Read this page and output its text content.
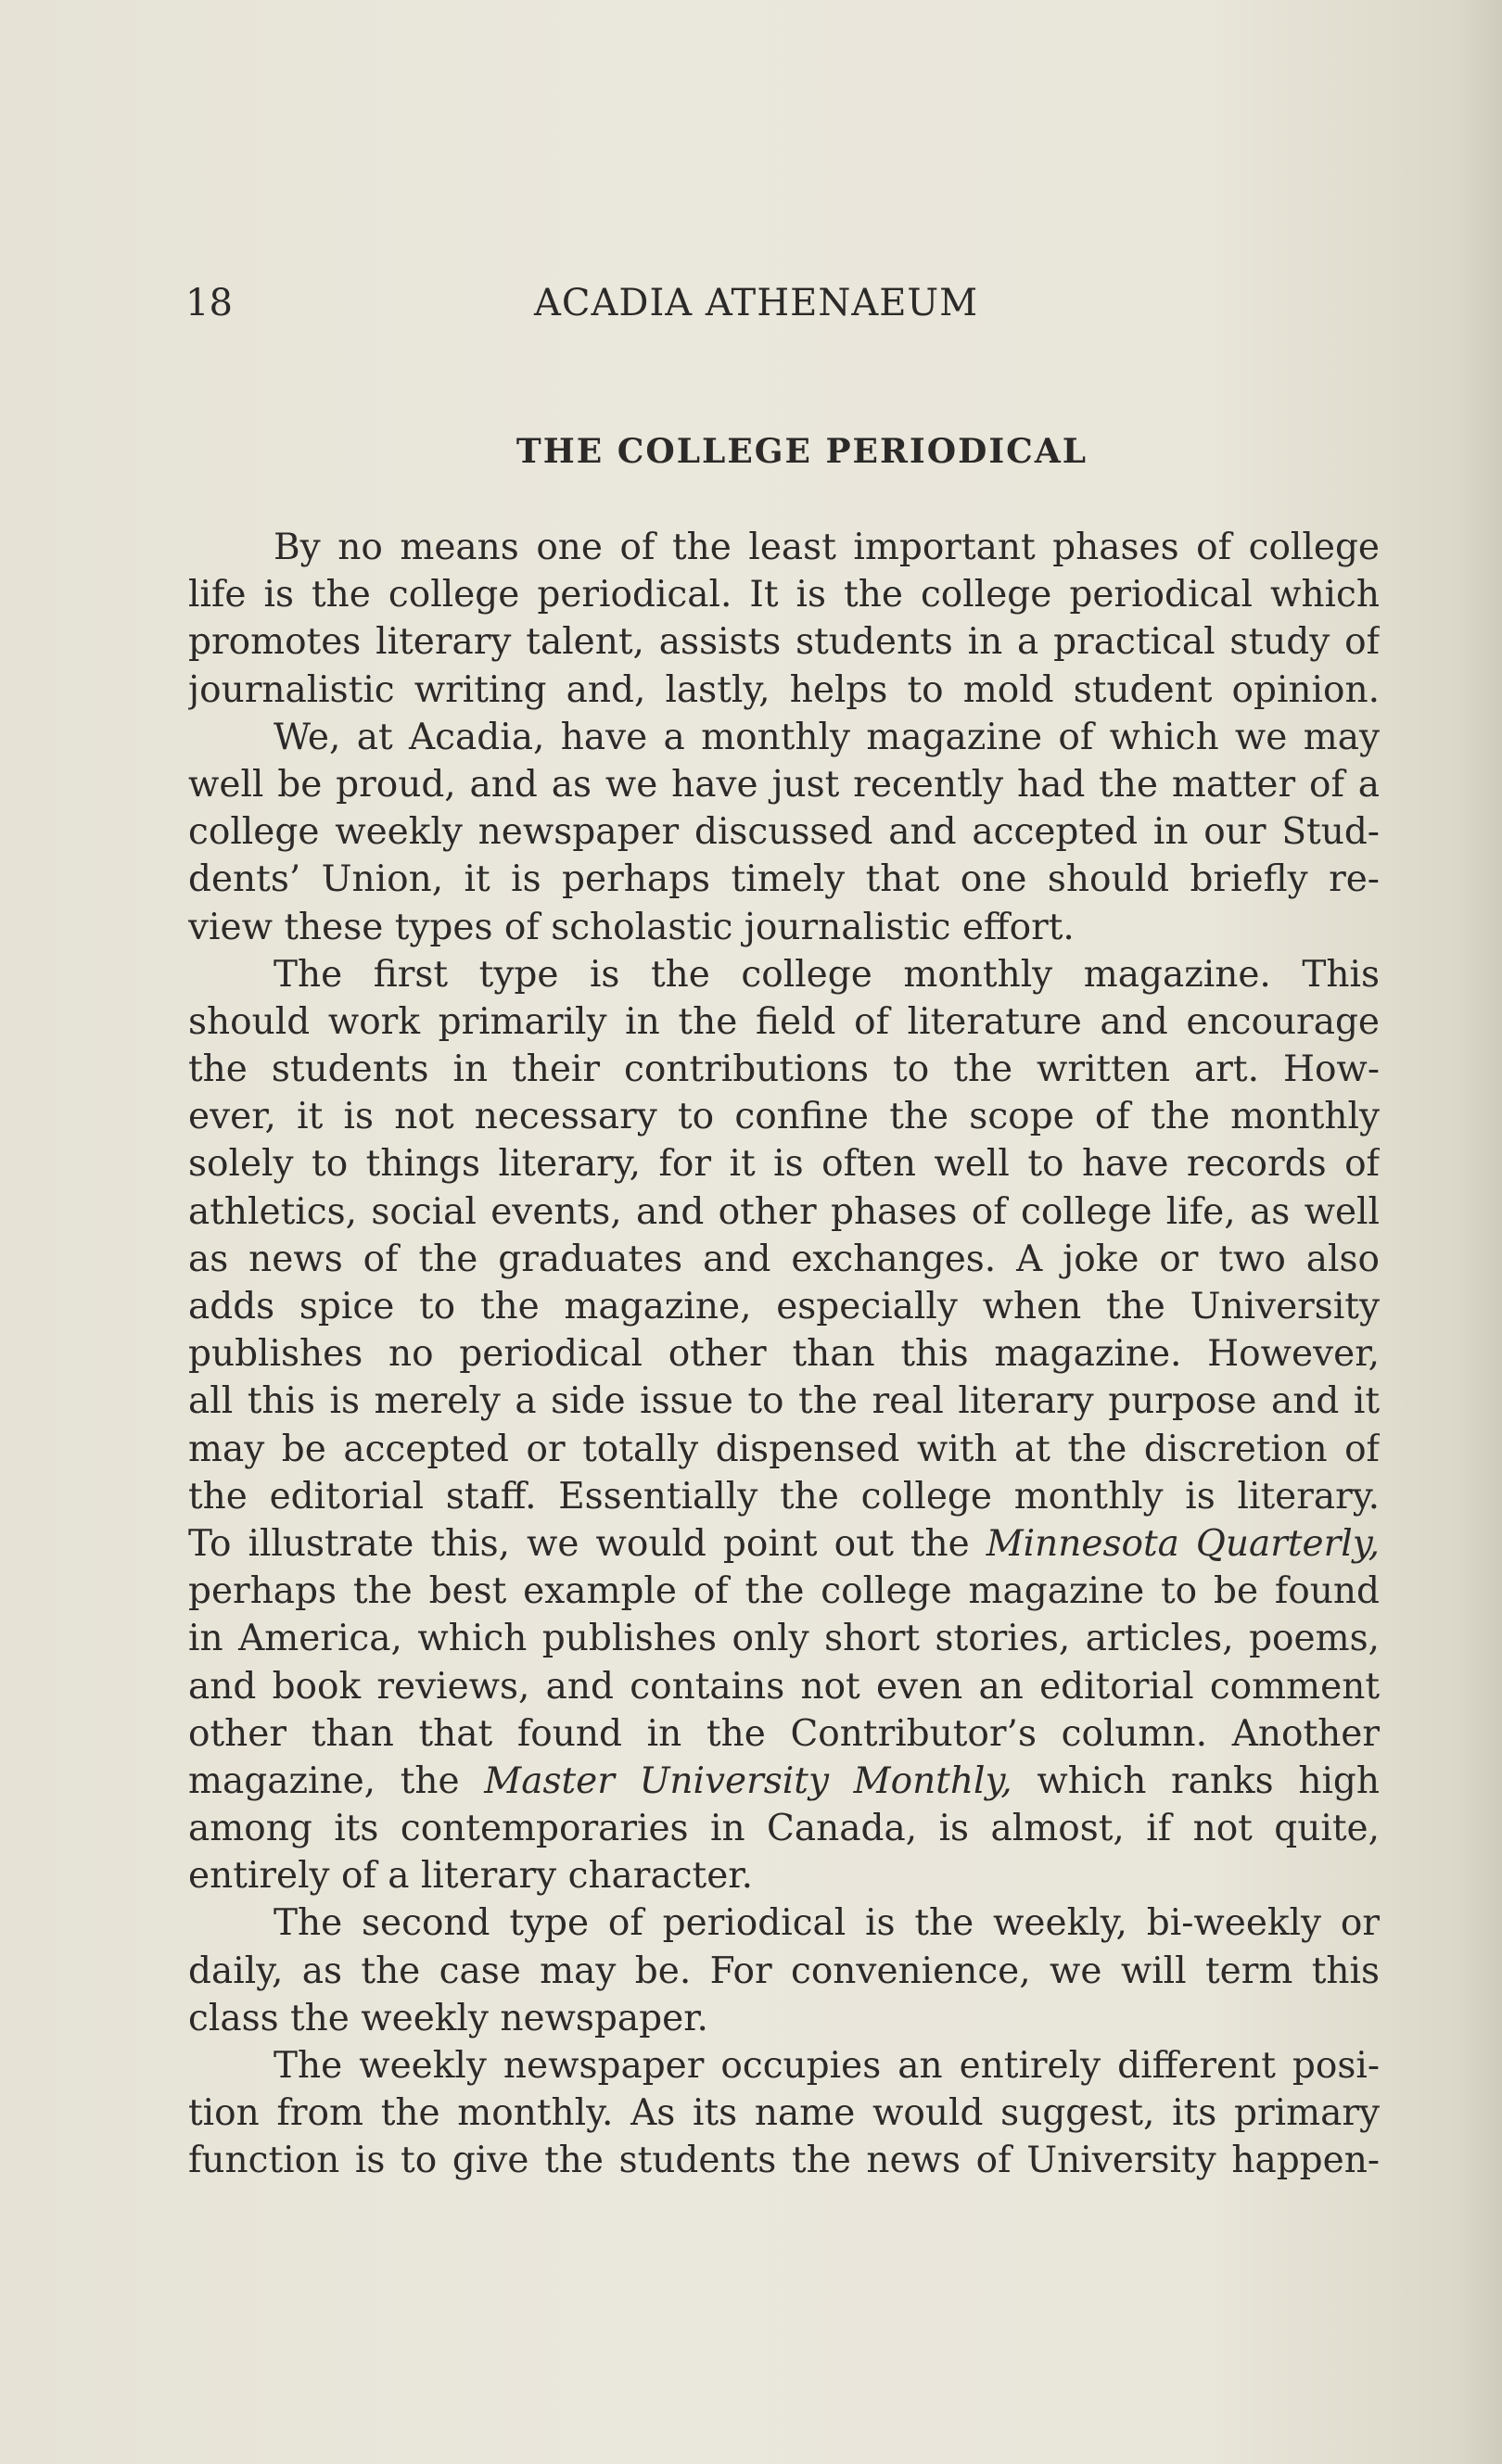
18	ACADIA ATHENAEUM
THE COLLEGE PERIODICAL

By no means one of the least important phases of college
life is the college periodical. It is the college periodical which
promotes literary talent, assists students in a practical study of
journalistic writing and, lastly, helps to mold student opinion.

We, at Acadia, have a monthly magazine of which we may
well be proud, and as we have just recently had the matter of a
college weekly newspaper discussed and accepted in our Stud-
dents’ Union, it is perhaps timely that one should briefly re-
view these types of scholastic journalistic effort.

The first type is the college monthly magazine. This
should work primarily in the field of literature and encourage
the students in their contributions to the written art. How-
ever, it is not necessary to confine the scope of the monthly
solely to things literary, for it is often well to have records of
athletics, social events, and other phases of college life, as well
as news of the graduates and exchanges. A joke or two also
adds spice to the magazine, especially when the University
publishes no periodical other than this magazine. However,
all this is merely a side issue to the real literary purpose and it
may be accepted or totally dispensed with at the discretion of
the editorial staff. Essentially the college monthly is literary.
To illustrate this, we would point out the Minnesota Quarterly,
perhaps the best example of the college magazine to be found
in America, which publishes only short stories, articles, poems,
and book reviews, and contains not even an editorial comment
other than that found in the Contributor’s column. Another
magazine, the Master University Monthly, which ranks high
among its contemporaries in Canada, is almost, if not quite,
entirely of a literary character.

The second type of periodical is the weekly, bi-weekly or
daily, as the case may be. For convenience, we will term this
class the weekly newspaper.

The weekly newspaper occupies an entirely different posi-
tion from the monthly. As its name would suggest, its primary
function is to give the students the news of University happen-
